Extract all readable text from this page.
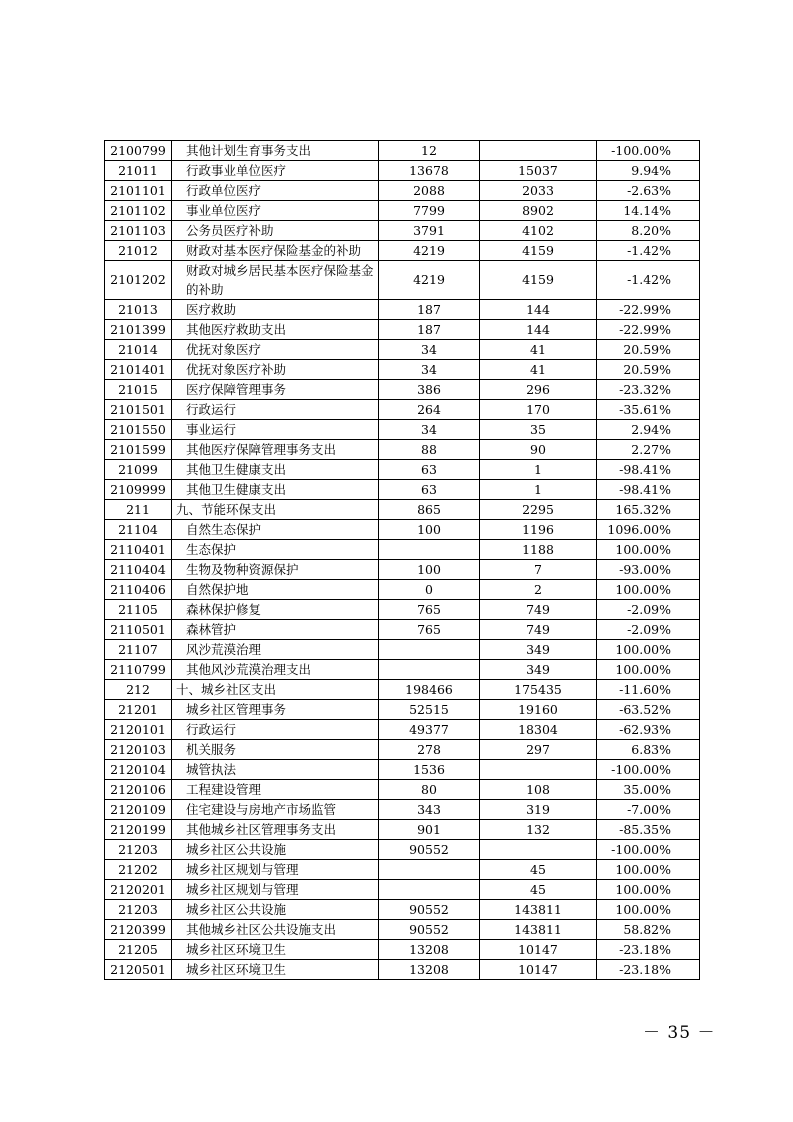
2100799	其他计划生育事务支出	12		-100.00%
21011	行政事业单位医疗	13678	15037	9.94%
2101101	行政单位医疗	2088	2033	-2.63%
2101102	事业单位医疗	7799	8902	14.14%
2101103	公务员医疗补助	3791	4102	8.20%
21012	财政对基本医疗保险基金的补助	4219	4159	-1.42%
2101202	财政对城乡居民基本医疗保险基金的补助	4219	4159	-1.42%
21013	医疗救助	187	144	-22.99%
2101399	其他医疗救助支出	187	144	-22.99%
21014	优抚对象医疗	34	41	20.59%
2101401	优抚对象医疗补助	34	41	20.59%
21015	医疗保障管理事务	386	296	-23.32%
2101501	行政运行	264	170	-35.61%
2101550	事业运行	34	35	2.94%
2101599	其他医疗保障管理事务支出	88	90	2.27%
21099	其他卫生健康支出	63	1	-98.41%
2109999	其他卫生健康支出	63	1	-98.41%
211	九、节能环保支出	865	2295	165.32%
21104	自然生态保护	100	1196	1096.00%
2110401	生态保护		1188	100.00%
2110404	生物及物种资源保护	100	7	-93.00%
2110406	自然保护地	0	2	100.00%
21105	森林保护修复	765	749	-2.09%
2110501	森林管护	765	749	-2.09%
21107	风沙荒漠治理		349	100.00%
2110799	其他风沙荒漠治理支出		349	100.00%
212	十、城乡社区支出	198466	175435	-11.60%
21201	城乡社区管理事务	52515	19160	-63.52%
2120101	行政运行	49377	18304	-62.93%
2120103	机关服务	278	297	6.83%
2120104	城管执法	1536		-100.00%
2120106	工程建设管理	80	108	35.00%
2120109	住宅建设与房地产市场监管	343	319	-7.00%
2120199	其他城乡社区管理事务支出	901	132	-85.35%
21203	城乡社区公共设施	90552		-100.00%
21202	城乡社区规划与管理		45	100.00%
2120201	城乡社区规划与管理		45	100.00%
21203	城乡社区公共设施	90552	143811	100.00%
2120399	其他城乡社区公共设施支出	90552	143811	58.82%
21205	城乡社区环境卫生	13208	10147	-23.18%
2120501	城乡社区环境卫生	13208	10147	-23.18%
－ 35 －
